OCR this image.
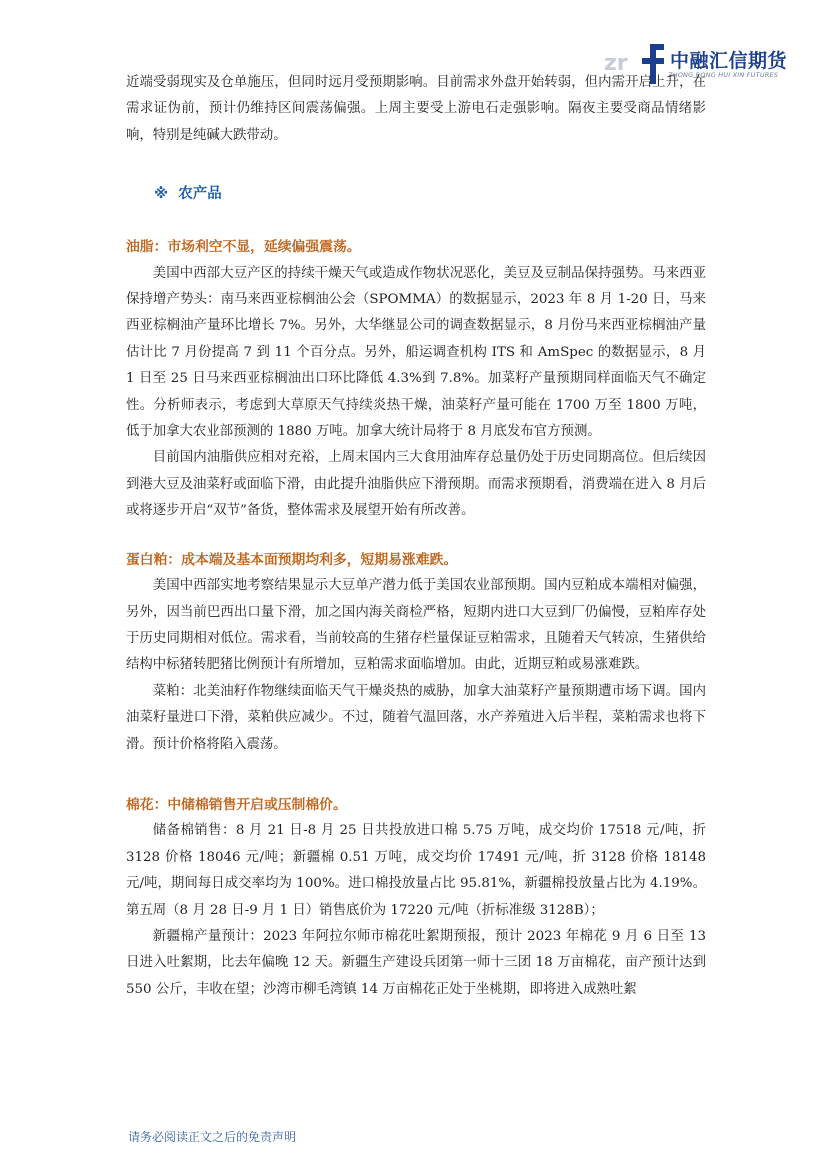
zr 中融汇信期货
ZHONG RONG HUI XIN FUTURES

近端受弱现实及仓单施压，但同时远月受预期影响。目前需求外盘开始转弱，但内需开启上升，在需求证伪前，预计仍维持区间震荡偏强。上周主要受上游电石走强影响。隔夜主要受商品情绪影响，特别是纯碱大跌带动。

※ 农产品

油脂：市场利空不显，延续偏强震荡。

美国中西部大豆产区的持续干燥天气或造成作物状况恶化，美豆及豆制品保持强势。马来西亚保持增产势头：南马来西亚棕榈油公会（SPOMMA）的数据显示，2023 年 8 月 1-20 日，马来西亚棕榈油产量环比增长 7%。另外，大华继显公司的调查数据显示，8 月份马来西亚棕榈油产量估计比 7 月份提高 7 到 11 个百分点。另外，船运调查机构 ITS 和 AmSpec 的数据显示，8 月 1 日至 25 日马来西亚棕榈油出口环比降低 4.3%到 7.8%。加菜籽产量预期同样面临天气不确定性。分析师表示，考虑到大草原天气持续炎热干燥，油菜籽产量可能在 1700 万至 1800 万吨，低于加拿大农业部预测的 1880 万吨。加拿大统计局将于 8 月底发布官方预测。

目前国内油脂供应相对充裕，上周末国内三大食用油库存总量仍处于历史同期高位。但后续因到港大豆及油菜籽或面临下滑，由此提升油脂供应下滑预期。而需求预期看，消费端在进入 8 月后或将逐步开启“双节”备货，整体需求及展望开始有所改善。

蛋白粕：成本端及基本面预期均利多，短期易涨难跌。

美国中西部实地考察结果显示大豆单产潜力低于美国农业部预期。国内豆粕成本端相对偏强，另外，因当前巴西出口量下滑，加之国内海关商检严格，短期内进口大豆到厂仍偏慢，豆粕库存处于历史同期相对低位。需求看，当前较高的生猪存栏量保证豆粕需求，且随着天气转凉，生猪供给结构中标猪转肥猪比例预计有所增加，豆粕需求面临增加。由此，近期豆粕或易涨难跌。

菜粕：北美油籽作物继续面临天气干燥炎热的威胁，加拿大油菜籽产量预期遭市场下调。国内油菜籽量进口下滑，菜粕供应减少。不过，随着气温回落，水产养殖进入后半程，菜粕需求也将下滑。预计价格将陷入震荡。

棉花：中储棉销售开启或压制棉价。

储备棉销售：8 月 21 日-8 月 25 日共投放进口棉 5.75 万吨，成交均价 17518 元/吨，折 3128 价格 18046 元/吨；新疆棉 0.51 万吨，成交均价 17491 元/吨，折 3128 价格 18148 元/吨，期间每日成交率均为 100%。进口棉投放量占比 95.81%，新疆棉投放量占比为 4.19%。第五周（8 月 28 日-9 月 1 日）销售底价为 17220 元/吨（折标准级 3128B）；

新疆棉产量预计：2023 年阿拉尔师市棉花吐絮期预报，预计 2023 年棉花 9 月 6 日至 13 日进入吐絮期，比去年偏晚 12 天。新疆生产建设兵团第一师十三团 18 万亩棉花，亩产预计达到 550 公斤，丰收在望；沙湾市柳毛湾镇 14 万亩棉花正处于坐桃期，即将进入成熟吐絮

请务必阅读正文之后的免责声明
